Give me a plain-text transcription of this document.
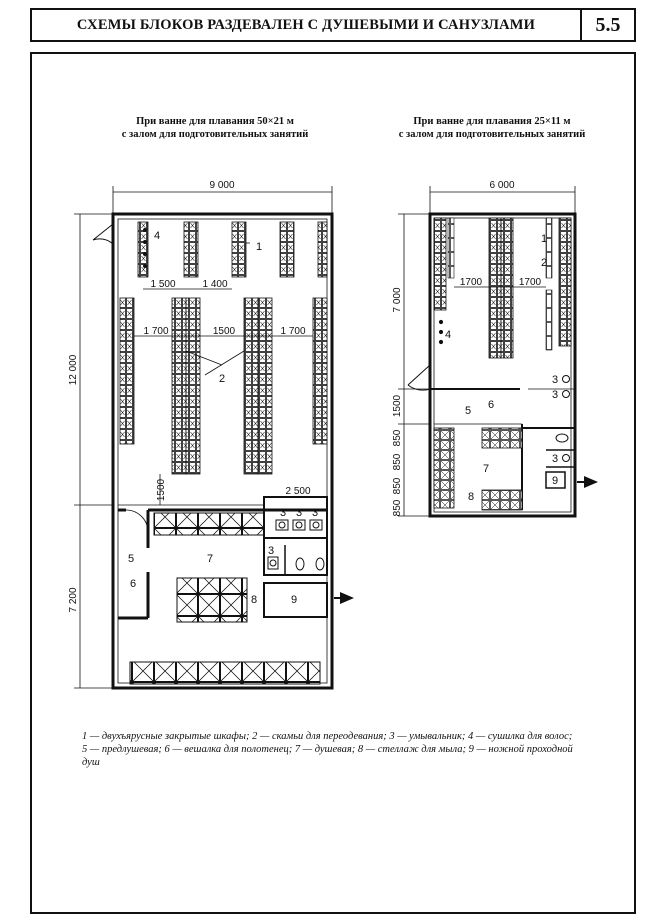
СХЕМЫ БЛОКОВ РАЗДЕВАЛЕН С ДУШЕВЫМИ И САНУЗЛАМИ	5.5
При ванне для плавания 50×21 м
с залом для подготовительных занятий
При ванне для плавания 25×11 м
с залом для подготовительных занятий
9 000
12 000
7 200
1 500	1 400
1 700	1500	1 700
1500	2 500
1
2
3 3 3
3
4
5
6
7
8	9
6 000
7 000
1700	1700
1500
850
850
850
850
1
2
3
3
3
4
5 6
7
8
9
1 — двухъярусные закрытые шкафы; 2 — скамьи для переодевания; 3 — умывальник; 4 — сушилка для волос; 5 — предлушевая; 6 — вешалка для полотенец; 7 — душевая; 8 — стеллаж для мыла; 9 — ножной проходной душ
